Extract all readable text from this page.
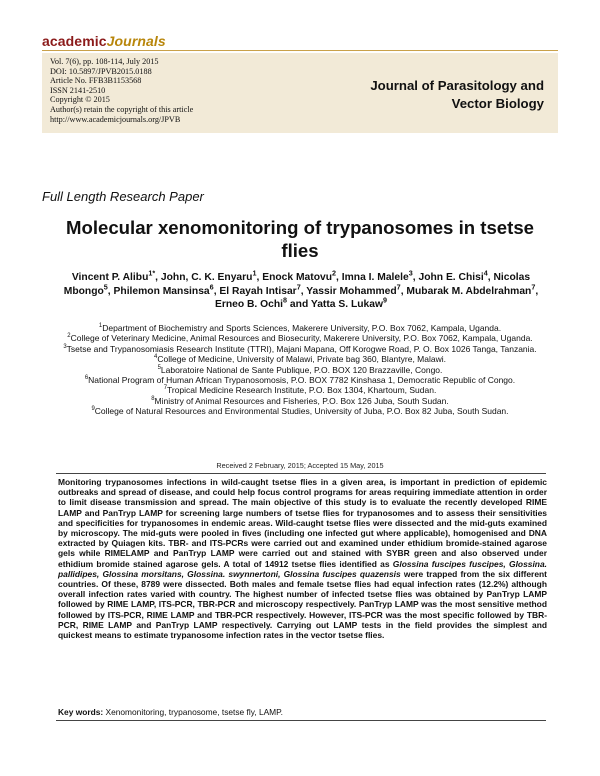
academicJournals
Vol. 7(6), pp. 108-114, July 2015
DOI: 10.5897/JPVB2015.0188
Article No. FFB3B1153568
ISSN 2141-2510
Copyright © 2015
Author(s) retain the copyright of this article
http://www.academicjournals.org/JPVB
Journal of Parasitology and
Vector Biology
Full Length Research Paper
Molecular xenomonitoring of trypanosomes in tsetse flies
Vincent P. Alibu$^{1*}$, John, C. K. Enyaru$^1$, Enock Matovu$^2$, Imna I. Malele$^3$, John E. Chisi$^4$, Nicolas Mbongo$^5$, Philemon Mansinsa$^6$, El Rayah Intisar$^7$, Yassir Mohammed$^7$, Mubarak M. Abdelrahman$^7$, Erneo B. Ochi$^8$ and Yatta S. Lukaw$^9$
$^1$Department of Biochemistry and Sports Sciences, Makerere University, P.O. Box 7062, Kampala, Uganda.
$^2$College of Veterinary Medicine, Animal Resources and Biosecurity, Makerere University, P.O. Box 7062, Kampala, Uganda.
$^3$Tsetse and Trypanosomiasis Research Institute (TTRI), Majani Mapana, Off Korogwe Road, P. O. Box 1026 Tanga, Tanzania.
$^4$College of Medicine, University of Malawi, Private bag 360, Blantyre, Malawi.
$^5$Laboratoire National de Sante Publique, P.O. BOX 120 Brazzaville, Congo.
$^6$National Program of Human African Trypanosomosis, P.O. BOX 7782 Kinshasa 1, Democratic Republic of Congo.
$^7$Tropical Medicine Research Institute, P.O. Box 1304, Khartoum, Sudan.
$^8$Ministry of Animal Resources and Fisheries, P.O. Box 126 Juba, South Sudan.
$^9$College of Natural Resources and Environmental Studies, University of Juba, P.O. Box 82 Juba, South Sudan.
Received 2 February, 2015; Accepted 15 May, 2015
Monitoring trypanosomes infections in wild-caught tsetse flies in a given area, is important in prediction of epidemic outbreaks and spread of disease, and could help focus control programs for areas requiring immediate attention in order to limit disease transmission and spread. The main objective of this study is to evaluate the recently developed RIME LAMP and PanTryp LAMP for screening large numbers of tsetse flies for trypanosomes and to assess their sensitivities and specificities for trypanosomes in endemic areas. Wild-caught tsetse flies were dissected and the mid-guts examined by microscopy. The mid-guts were pooled in fives (including one infected gut where applicable), homogenised and DNA extracted by Quiagen kits. TBR- and ITS-PCRs were carried out and examined under ethidium bromide-stained agarose gels while RIMELAMP and PanTryp LAMP were carried out and stained with SYBR green and also observed under ethidium bromide stained agarose gels. A total of 14912 tsetse flies identified as Glossina fuscipes fuscipes, Glossina. pallidipes, Glossina morsitans, Glossina. swynnertoni, Glossina fuscipes quazensis were trapped from the six different countries. Of these, 8789 were dissected. Both males and female tsetse flies had equal infection rates (12.2%) although overall infection rates varied with country. The highest number of infected tsetse flies was obtained by PanTryp LAMP followed by RIME LAMP, ITS-PCR, TBR-PCR and microscopy respectively. PanTryp LAMP was the most sensitive method followed by ITS-PCR, RIME LAMP and TBR-PCR respectively. However, ITS-PCR was the most specific followed by TBR-PCR, RIME LAMP and PanTryp LAMP respectively. Carrying out LAMP tests in the field provides the simplest and quickest means to estimate trypanosome infection rates in the vector tsetse flies.
Key words: Xenomonitoring, trypanosome, tsetse fly, LAMP.
